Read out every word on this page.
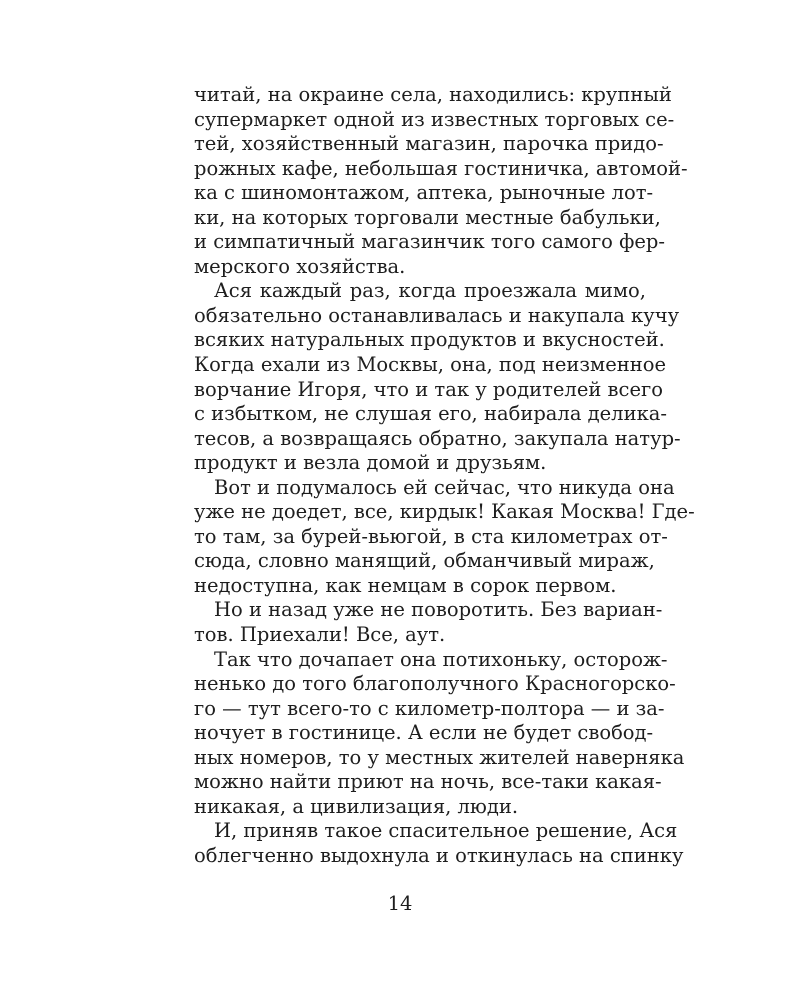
читай, на окраине села, находились: крупный
супермаркет одной из известных торговых се-
тей, хозяйственный магазин, парочка придо-
рожных кафе, небольшая гостиничка, автомой-
ка с шиномонтажом, аптека, рыночные лот-
ки, на которых торговали местные бабульки,
и симпатичный магазинчик того самого фер-
мерского хозяйства.
Ася каждый раз, когда проезжала мимо,
обязательно останавливалась и накупала кучу
всяких натуральных продуктов и вкусностей.
Когда ехали из Москвы, она, под неизменное
ворчание Игоря, что и так у родителей всего
с избытком, не слушая его, набирала делика-
тесов, а возвращаясь обратно, закупала натур-
продукт и везла домой и друзьям.
Вот и подумалось ей сейчас, что никуда она
уже не доедет, все, кирдык! Какая Москва! Где-
то там, за бурей-вьюгой, в ста километрах от-
сюда, словно манящий, обманчивый мираж,
недоступна, как немцам в сорок первом.
Но и назад уже не поворотить. Без вариан-
тов. Приехали! Все, аут.
Так что дочапает она потихоньку, осторож-
ненько до того благополучного Красногорско-
го — тут всего-то с километр-полтора — и за-
ночует в гостинице. А если не будет свобод-
ных номеров, то у местных жителей наверняка
можно найти приют на ночь, все-таки какая-
никакая, а цивилизация, люди.
И, приняв такое спасительное решение, Ася
облегченно выдохнула и откинулась на спинку
14
